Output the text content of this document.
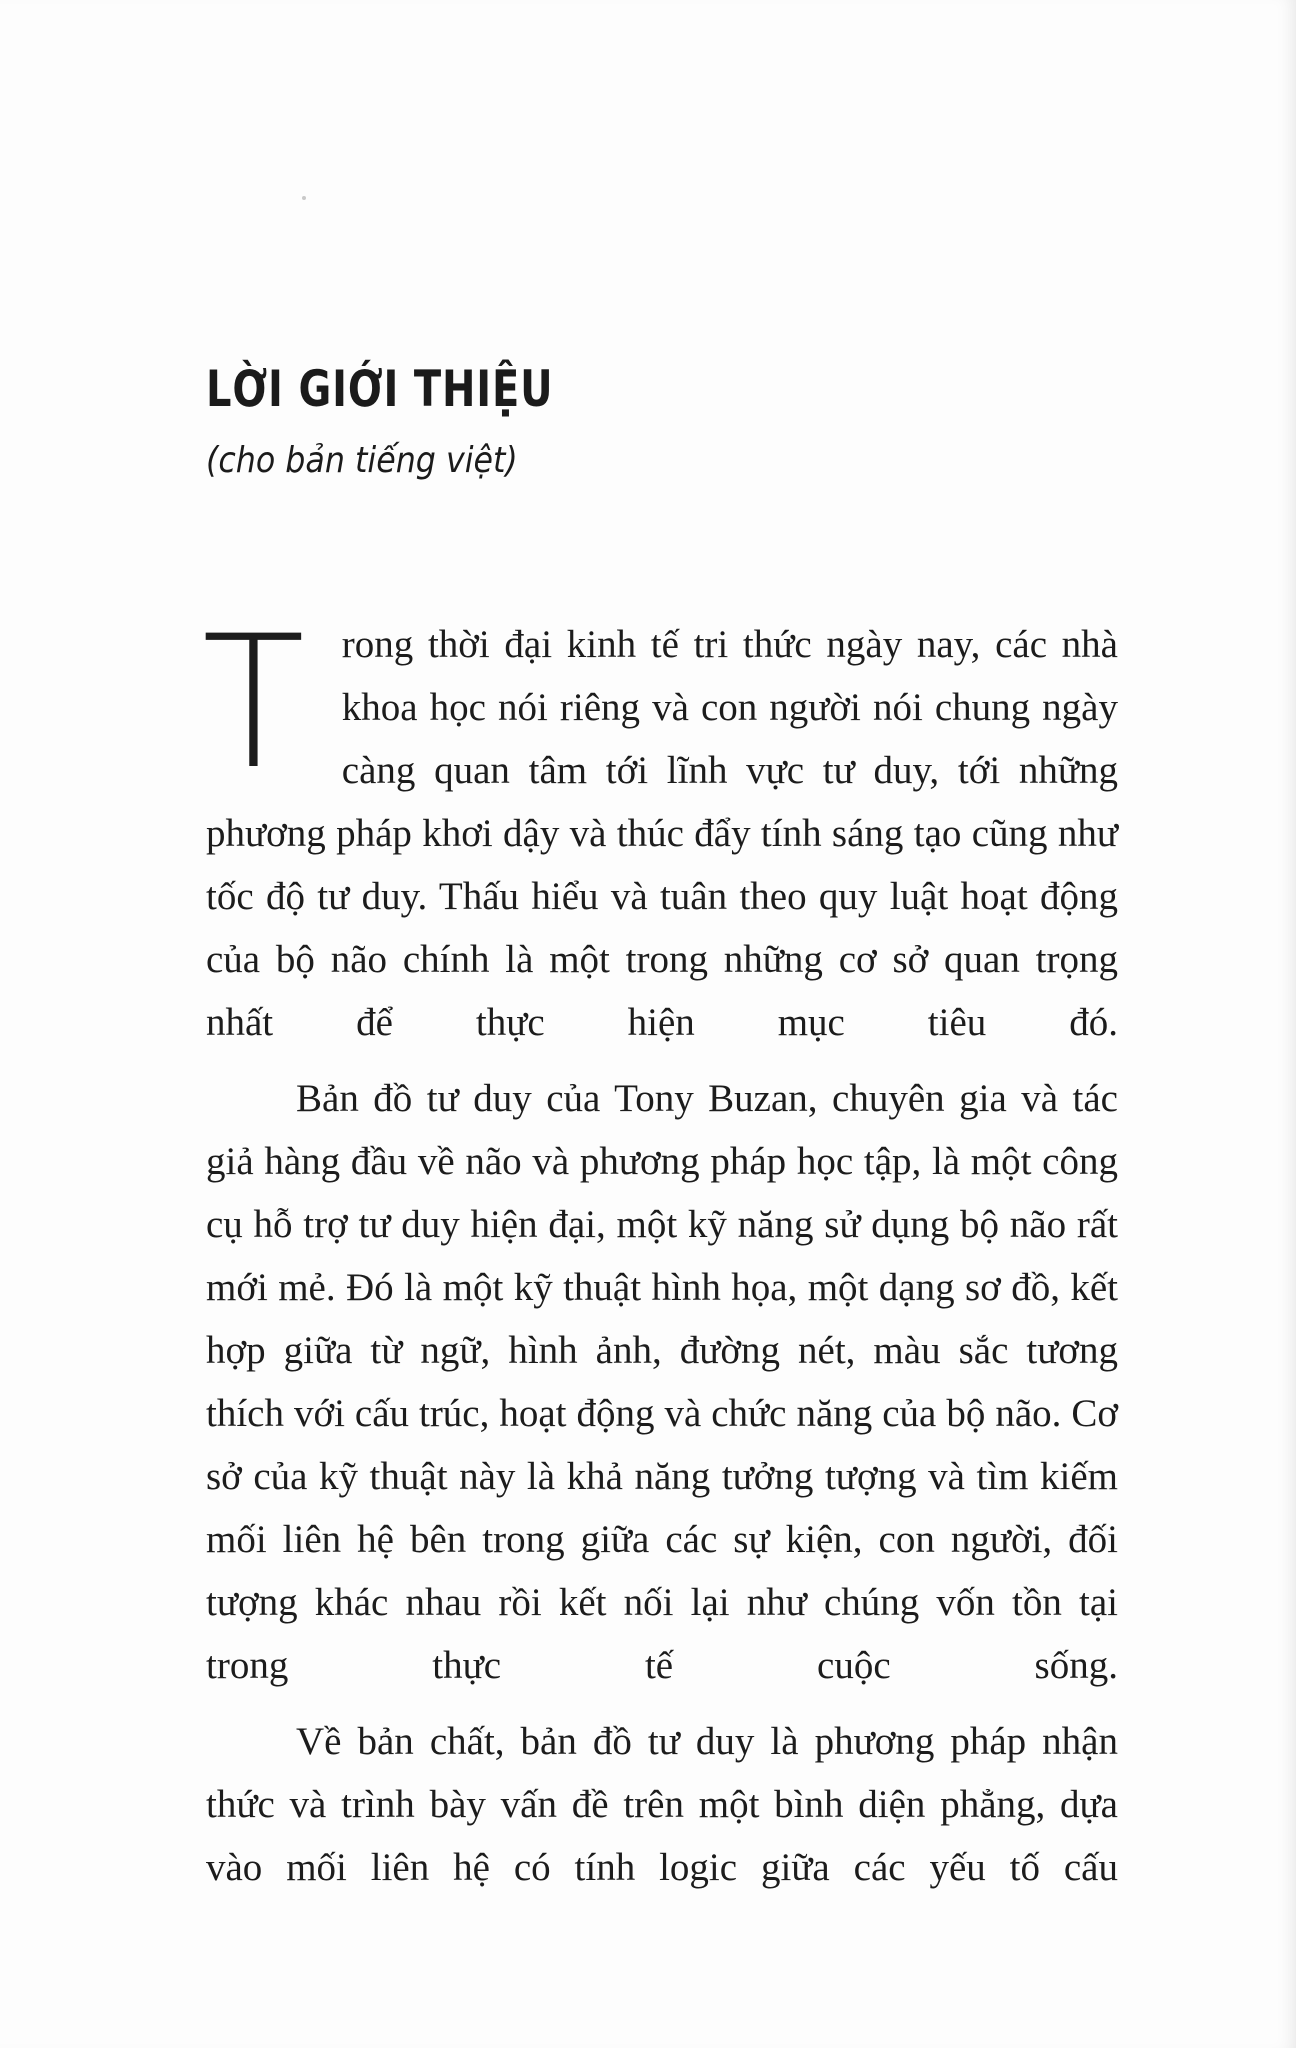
LỜI GIỚI THIỆU

(cho bản tiếng việt)

Trong thời đại kinh tế tri thức ngày nay, các nhà khoa học nói riêng và con người nói chung ngày càng quan tâm tới lĩnh vực tư duy, tới những phương pháp khơi dậy và thúc đẩy tính sáng tạo cũng như tốc độ tư duy. Thấu hiểu và tuân theo quy luật hoạt động của bộ não chính là một trong những cơ sở quan trọng nhất để thực hiện mục tiêu đó.

Bản đồ tư duy của Tony Buzan, chuyên gia và tác giả hàng đầu về não và phương pháp học tập, là một công cụ hỗ trợ tư duy hiện đại, một kỹ năng sử dụng bộ não rất mới mẻ. Đó là một kỹ thuật hình họa, một dạng sơ đồ, kết hợp giữa từ ngữ, hình ảnh, đường nét, màu sắc tương thích với cấu trúc, hoạt động và chức năng của bộ não. Cơ sở của kỹ thuật này là khả năng tưởng tượng và tìm kiếm mối liên hệ bên trong giữa các sự kiện, con người, đối tượng khác nhau rồi kết nối lại như chúng vốn tồn tại trong thực tế cuộc sống.

Về bản chất, bản đồ tư duy là phương pháp nhận thức và trình bày vấn đề trên một bình diện phẳng, dựa vào mối liên hệ có tính logic giữa các yếu tố cấu
